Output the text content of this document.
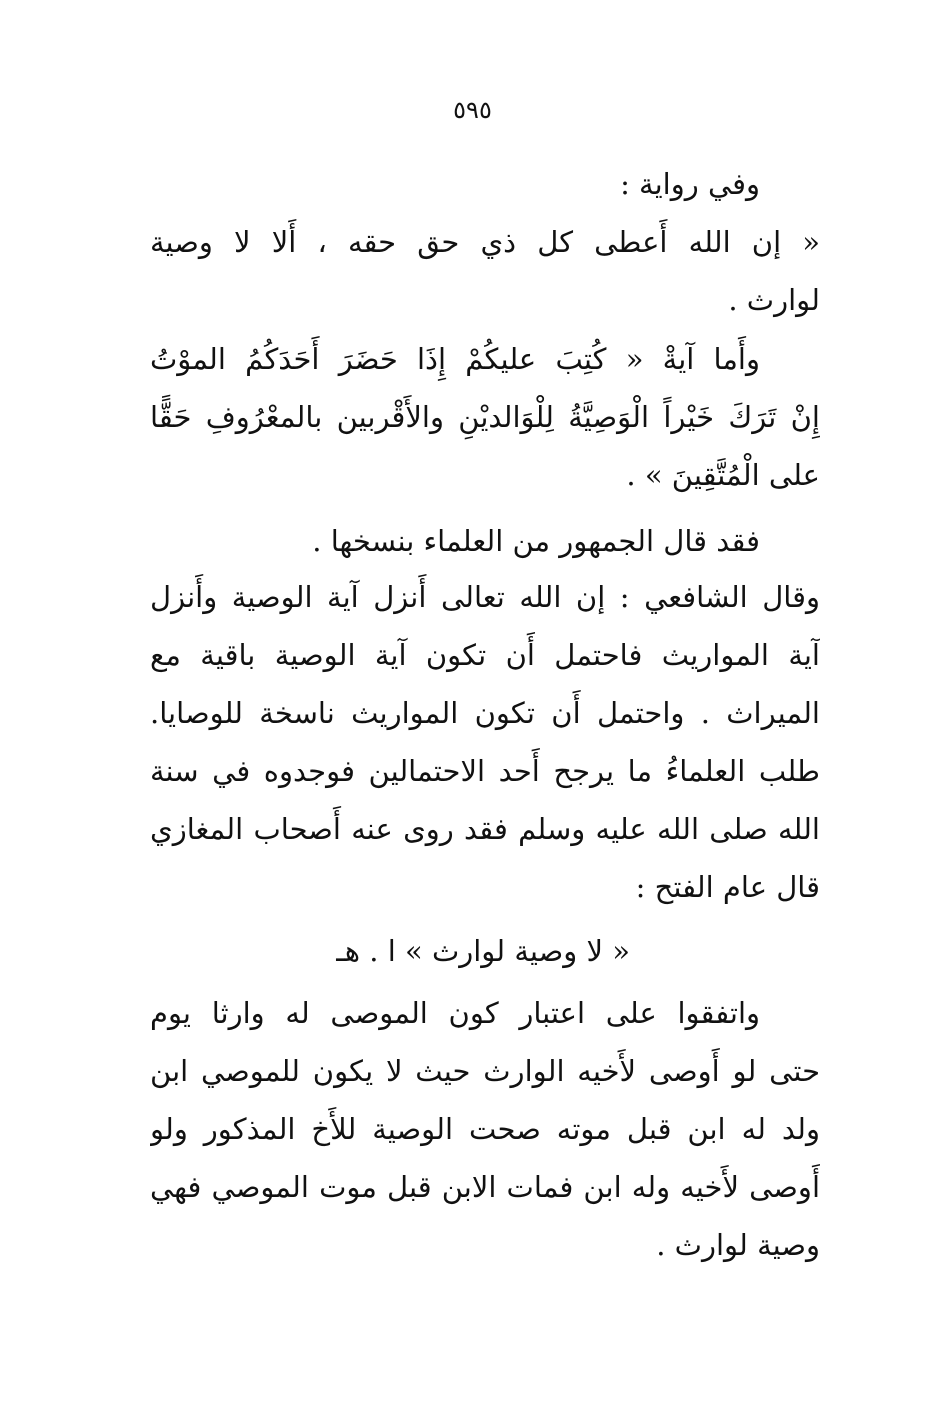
٥٩٥
وفي رواية :
« إن الله أَعطى كل ذي حق حقه ، أَلا لا وصية
لوارث .
وأَما آيةْ « كُتِبَ عليكُمْ إِذَا حَضَرَ أَحَدَكُمُ الموْتُ
إِنْ تَرَكَ خَيْراً الْوَصِيَّةُ لِلْوَالديْنِ والأَقْربين بالمعْرُوفِ حَقًّا
على الْمُتَّقِينَ » .
فقد قال الجمهور من العلماء بنسخها .
وقال الشافعي : إن الله تعالى أَنزل آية الوصية وأَنزل
آية المواريث فاحتمل أَن تكون آية الوصية باقية مع
الميراث . واحتمل أَن تكون المواريث ناسخة للوصايا.
طلب العلماءُ ما يرجح أَحد الاحتمالين فوجدوه في سنة
الله صلى الله عليه وسلم فقد روى عنه أَصحاب المغازي
قال عام الفتح :
« لا وصية لوارث » ا . هـ
واتفقوا على اعتبار كون الموصى له وارثا يوم
حتى لو أَوصى لأَخيه الوارث حيث لا يكون للموصي ابن
ولد له ابن قبل موته صحت الوصية للأَخ المذكور ولو
أَوصى لأَخيه وله ابن فمات الابن قبل موت الموصي فهي
وصية لوارث .
